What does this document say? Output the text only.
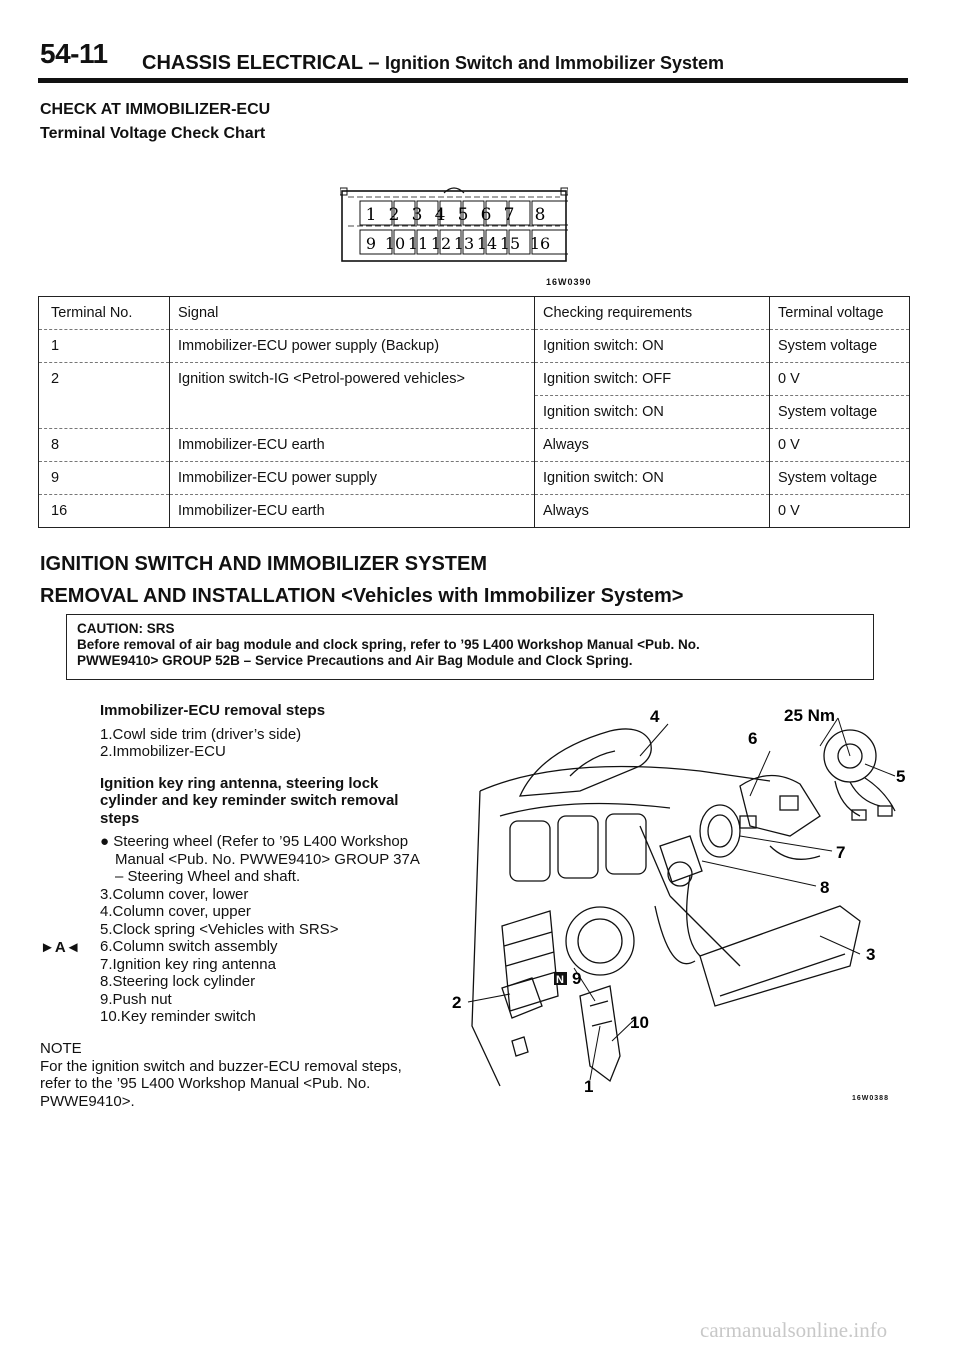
54-11 CHASSIS ELECTRICAL – Ignition Switch and Immobilizer System
CHECK AT IMMOBILIZER-ECU
Terminal Voltage Check Chart
1 2 3 4 5 6 7 8
9 10 11 12 13 14 15 16
16W0390
Terminal No.	Signal	Checking requirements	Terminal voltage
1	Immobilizer-ECU power supply (Backup)	Ignition switch: ON	System voltage
2	Ignition switch-IG <Petrol-powered vehicles>	Ignition switch: OFF	0 V
		Ignition switch: ON	System voltage
8	Immobilizer-ECU earth	Always	0 V
9	Immobilizer-ECU power supply	Ignition switch: ON	System voltage
16	Immobilizer-ECU earth	Always	0 V
IGNITION SWITCH AND IMMOBILIZER SYSTEM
REMOVAL AND INSTALLATION <Vehicles with Immobilizer System>
CAUTION: SRS
Before removal of air bag module and clock spring, refer to ’95 L400 Workshop Manual <Pub. No.
PWWE9410> GROUP 52B – Service Precautions and Air Bag Module and Clock Spring.
Immobilizer-ECU removal steps
1.Cowl side trim (driver’s side)
2.Immobilizer-ECU
Ignition key ring antenna, steering lock
cylinder and key reminder switch removal
steps
● Steering wheel (Refer to ’95 L400 Workshop
Manual <Pub. No. PWWE9410> GROUP 37A
– Steering Wheel and shaft.
3.Column cover, lower
4.Column cover, upper
5.Clock spring <Vehicles with SRS>
6.Column switch assembly
7.Ignition key ring antenna
8.Steering lock cylinder
9.Push nut
10.Key reminder switch
►A◄
NOTE
For the ignition switch and buzzer-ECU removal steps,
refer to the ’95 L400 Workshop Manual <Pub. No.
PWWE9410>.
4	25 Nm
6
5
7
8
3
2
N 9
10
1
16W0388
carmanualsonline.info
